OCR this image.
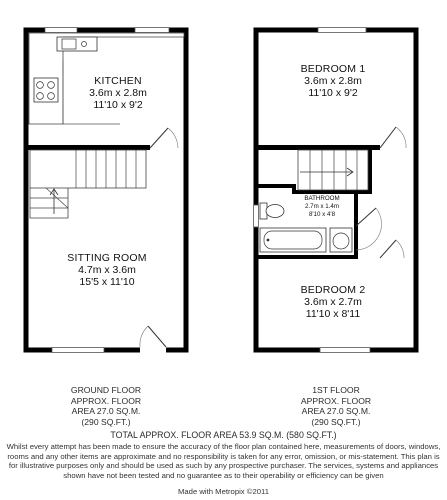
KITCHEN
3.6m x 2.8m
11'10 x 9'2
SITTING ROOM
4.7m x 3.6m
15'5 x 11'10
BATHROOM
2.7m x 1.4m
8'10 x 4'8
BEDROOM 1
3.6m x 2.8m
11'10 x 9'2
BEDROOM 2
3.6m x 2.7m
11'10 x 8'11
GROUND FLOOR
APPROX. FLOOR
AREA 27.0 SQ.M.
(290 SQ.FT.)
1ST FLOOR
APPROX. FLOOR
AREA 27.0 SQ.M.
(290 SQ.FT.)
TOTAL APPROX. FLOOR AREA 53.9 SQ.M. (580 SQ.FT.)
Whilst every attempt has been made to ensure the accuracy of the floor plan contained here, measurements of doors, windows, rooms and any other items are approximate and no responsibility is taken for any error, omission, or mis-statement. This plan is for illustrative purposes only and should be used as such by any prospective purchaser. The services, systems and appliances shown have not been tested and no guarantee as to their operability or efficiency can be given
Made with Metropix ©2011
